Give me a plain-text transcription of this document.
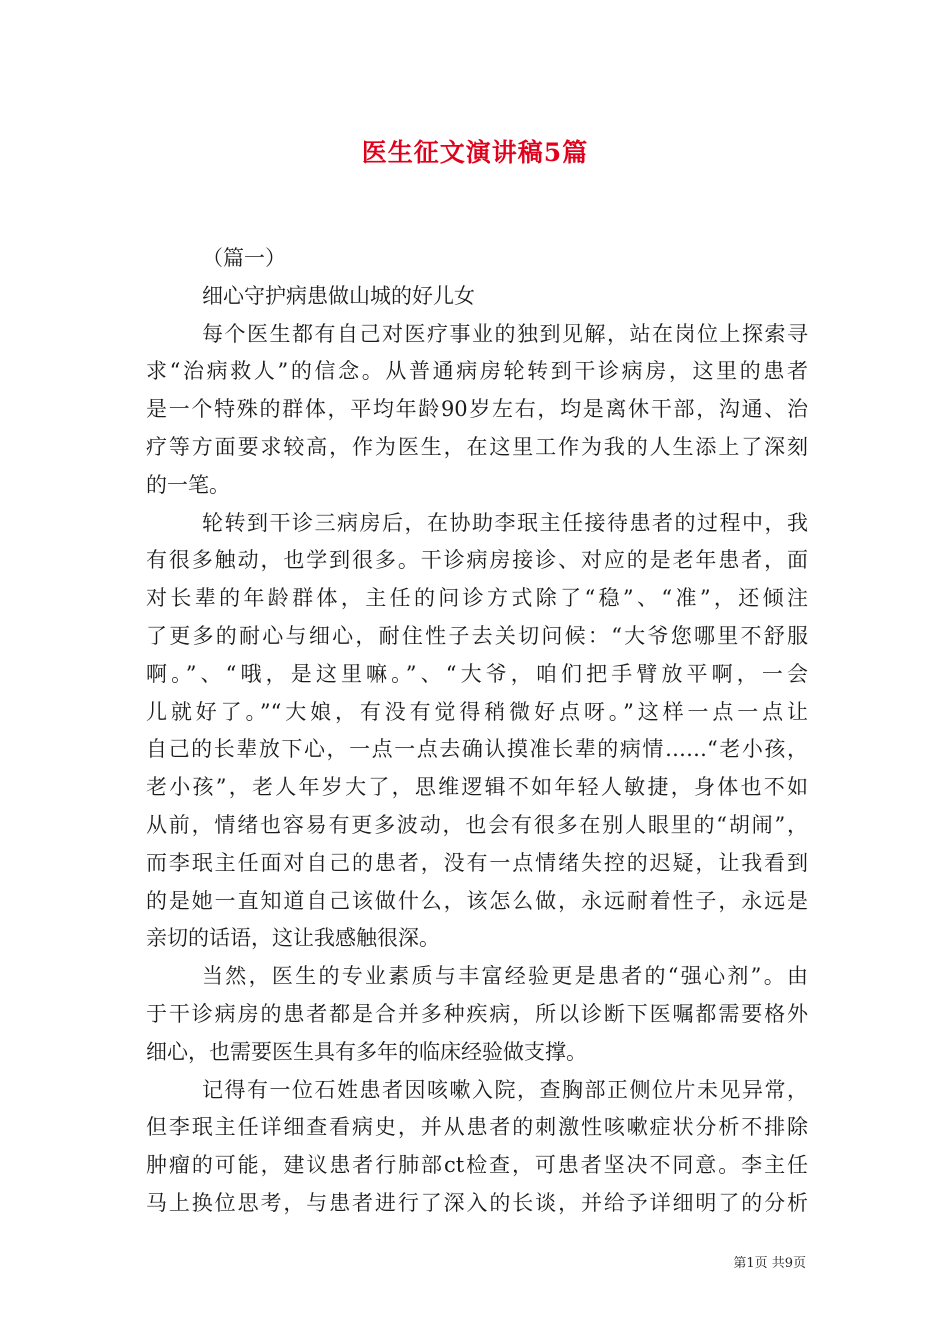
医生征文演讲稿5篇
（篇一）
细心守护病患做山城的好儿女
每个医生都有自己对医疗事业的独到见解，站在岗位上探索寻
求“治病救人”的信念。从普通病房轮转到干诊病房，这里的患者
是一个特殊的群体，平均年龄90岁左右，均是离休干部，沟通、治
疗等方面要求较高，作为医生，在这里工作为我的人生添上了深刻
的一笔。
轮转到干诊三病房后，在协助李珉主任接待患者的过程中，我
有很多触动，也学到很多。干诊病房接诊、对应的是老年患者，面
对长辈的年龄群体，主任的问诊方式除了“稳”、“准”，还倾注
了更多的耐心与细心，耐住性子去关切问候：“大爷您哪里不舒服
啊。”、“哦，是这里嘛。”、“大爷，咱们把手臂放平啊，一会
儿就好了。”“大娘，有没有觉得稍微好点呀。”这样一点一点让
自己的长辈放下心，一点一点去确认摸准长辈的病情……“老小孩，
老小孩”，老人年岁大了，思维逻辑不如年轻人敏捷，身体也不如
从前，情绪也容易有更多波动，也会有很多在别人眼里的“胡闹”，
而李珉主任面对自己的患者，没有一点情绪失控的迟疑，让我看到
的是她一直知道自己该做什么，该怎么做，永远耐着性子，永远是
亲切的话语，这让我感触很深。
当然，医生的专业素质与丰富经验更是患者的“强心剂”。由
于干诊病房的患者都是合并多种疾病，所以诊断下医嘱都需要格外
细心，也需要医生具有多年的临床经验做支撑。
记得有一位石姓患者因咳嗽入院，查胸部正侧位片未见异常，
但李珉主任详细查看病史，并从患者的刺激性咳嗽症状分析不排除
肿瘤的可能，建议患者行肺部ct检查，可患者坚决不同意。李主任
马上换位思考，与患者进行了深入的长谈，并给予详细明了的分析
第1页 共9页
